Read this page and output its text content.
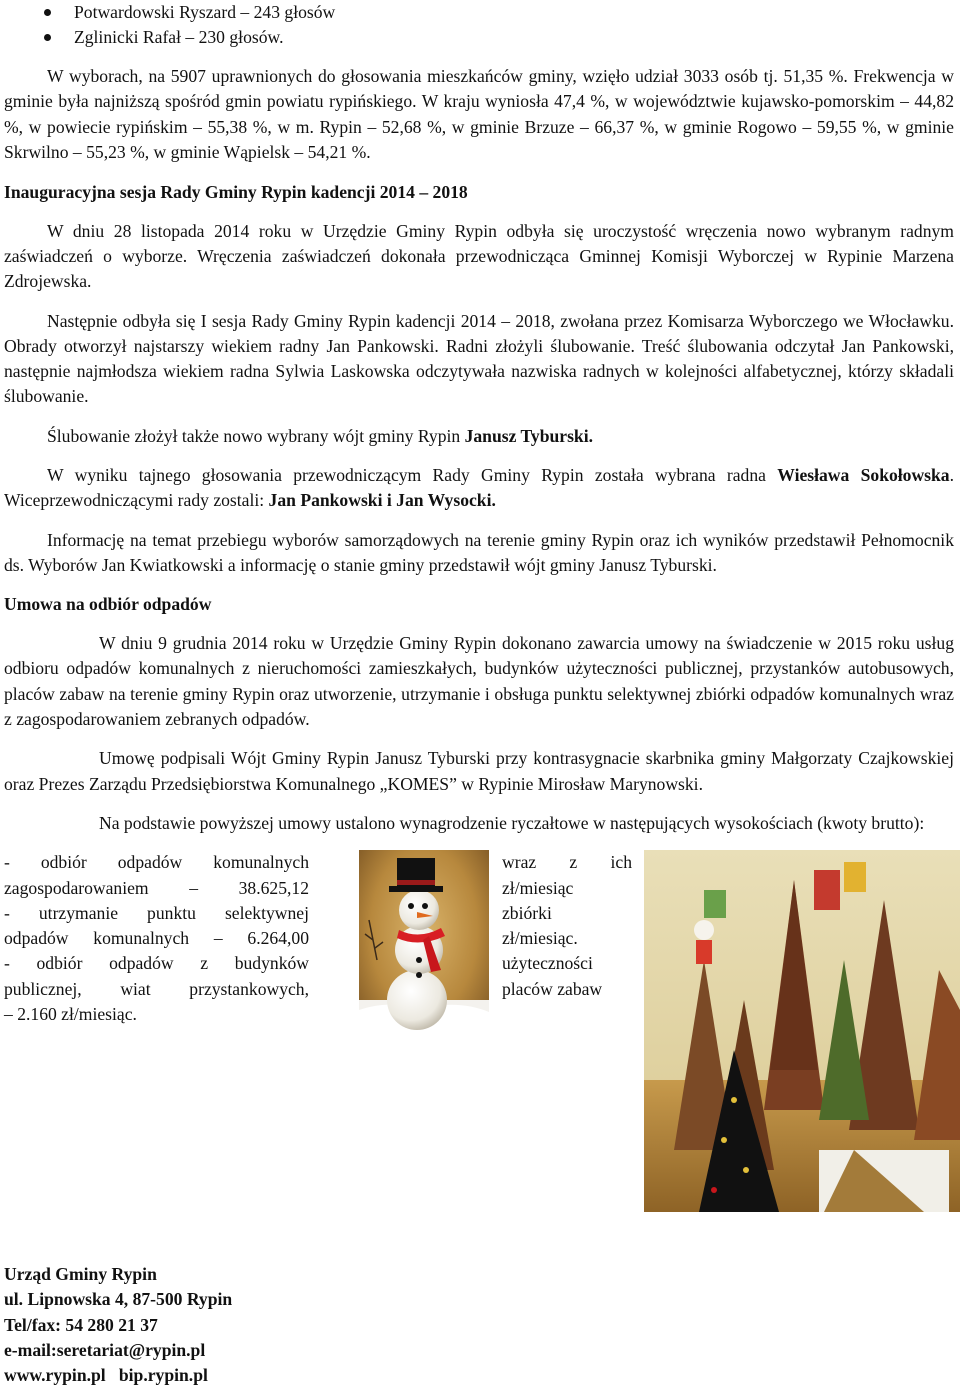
Potwardowski Ryszard – 243 głosów
Zglinicki Rafał – 230 głosów.

W wyborach, na 5907 uprawnionych do głosowania mieszkańców gminy, wzięło udział 3033 osób tj. 51,35 %. Frekwencja w gminie była najniższą spośród gmin powiatu rypińskiego. W kraju wyniosła 47,4 %, w województwie kujawsko-pomorskim – 44,82 %, w powiecie rypińskim – 55,38 %, w m. Rypin – 52,68 %, w gminie Brzuze – 66,37 %, w gminie Rogowo – 59,55 %, w gminie Skrwilno – 55,23 %, w gminie Wąpielsk – 54,21 %.

Inauguracyjna sesja Rady Gminy Rypin kadencji 2014 – 2018

W dniu 28 listopada 2014 roku w Urzędzie Gminy Rypin odbyła się uroczystość wręczenia nowo wybranym radnym zaświadczeń o wyborze. Wręczenia zaświadczeń dokonała przewodnicząca Gminnej Komisji Wyborczej w Rypinie Marzena Zdrojewska.

Następnie odbyła się I sesja Rady Gminy Rypin kadencji 2014 – 2018, zwołana przez Komisarza Wyborczego we Włocławku. Obrady otworzył najstarszy wiekiem radny Jan Pankowski. Radni złożyli ślubowanie. Treść ślubowania odczytał Jan Pankowski, następnie najmłodsza wiekiem radna Sylwia Laskowska odczytywała nazwiska radnych w kolejności alfabetycznej, którzy składali ślubowanie.

Ślubowanie złożył także nowo wybrany wójt gminy Rypin Janusz Tyburski.

W wyniku tajnego głosowania przewodniczącym Rady Gminy Rypin została wybrana radna Wiesława Sokołowska. Wiceprzewodniczącymi rady zostali: Jan Pankowski i Jan Wysocki.

Informację na temat przebiegu wyborów samorządowych na terenie gminy Rypin oraz ich wyników przedstawił Pełnomocnik ds. Wyborów Jan Kwiatkowski a informację o stanie gminy przedstawił wójt gminy Janusz Tyburski.

Umowa na odbiór odpadów

W dniu 9 grudnia 2014 roku w Urzędzie Gminy Rypin dokonano zawarcia umowy na świadczenie w 2015 roku usług odbioru odpadów komunalnych z nieruchomości zamieszkałych, budynków użyteczności publicznej, przystanków autobusowych, placów zabaw na terenie gminy Rypin oraz utworzenie, utrzymanie i obsługa punktu selektywnej zbiórki odpadów komunalnych wraz z zagospodarowaniem zebranych odpadów.

Umowę podpisali Wójt Gminy Rypin Janusz Tyburski przy kontrasygnacie skarbnika gminy Małgorzaty Czajkowskiej oraz Prezes Zarządu Przedsiębiorstwa Komunalnego „KOMES” w Rypinie Mirosław Marynowski.

Na podstawie powyższej umowy ustalono wynagrodzenie ryczałtowe w następujących wysokościach (kwoty brutto):

- odbiór odpadów komunalnych

zagospodarowaniem – 38.625,12

- utrzymanie punktu selektywnej

odpadów komunalnych – 6.264,00

- odbiór odpadów z budynków

publicznej, wiat przystankowych,

– 2.160 zł/miesiąc.

wraz z ich

zł/miesiąc

zbiórki

zł/miesiąc.

użyteczności

placów zabaw

Urząd Gminy Rypin
ul. Lipnowska 4, 87-500 Rypin
Tel/fax: 54 280 21 37
e-mail:seretariat@rypin.pl
www.rypin.pl   bip.rypin.pl
